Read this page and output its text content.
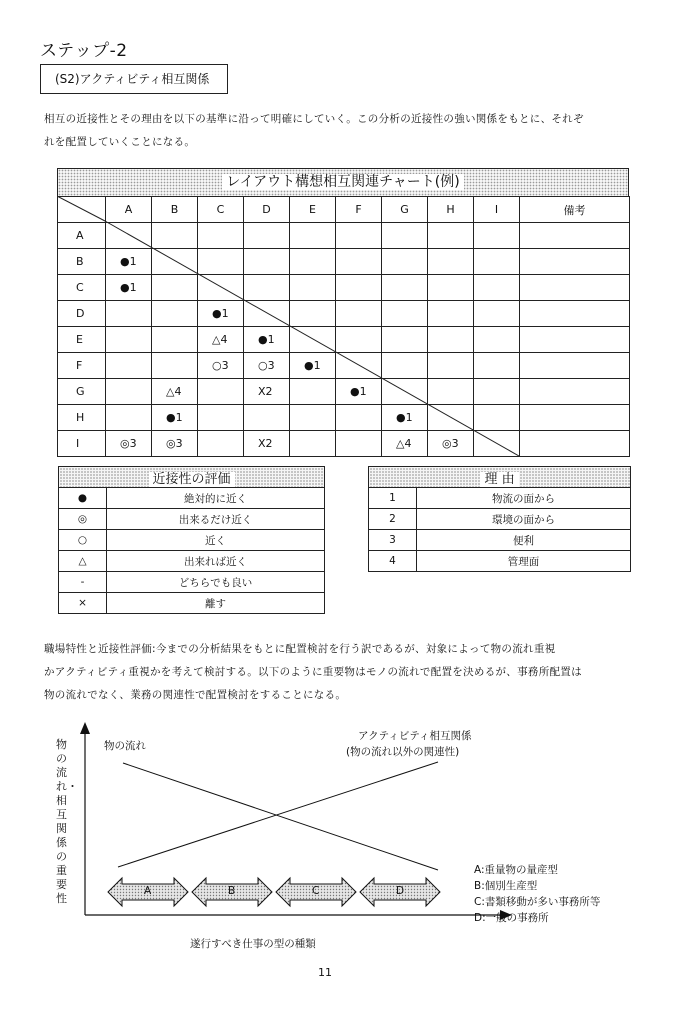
ステップ-2
(S2)アクティビティ相互関係
相互の近接性とその理由を以下の基準に沿って明確にしていく。この分析の近接性の強い関係をもとに、それぞ
れを配置していくことになる。
レイアウト構想相互関連チャート(例)
	A	B	C	D	E	F	G	H	I	備考
A										
B	●1									
C	●1									
D			●1							
E			△4	●1						
F			○3	○3	●1					
G		△4		X2		●1				
H		●1					●1			
I	◎3	◎3		X2			△4	◎3		
近接性の評価	
●	絶対的に近く
◎	出来るだけ近く
○	近く
△	出来れば近く
-	どちらでも良い
×	離す
理 由	
1	物流の面から
2	環境の面から
3	便利
4	管理面
職場特性と近接性評価:今までの分析結果をもとに配置検討を行う訳であるが、対象によって物の流れ重視
かアクティビティ重視かを考えて検討する。以下のように重要物はモノの流れで配置を決めるが、事務所配置は
物の流れでなく、業務の関連性で配置検討をすることになる。
物の流れ・相互関係の重要性
物の流れ
アクティビティ相互関係
(物の流れ以外の関連性)
A	B	C	D
A:重量物の量産型
B:個別生産型
C:書類移動が多い事務所等
D:一般の事務所
遂行すべき仕事の型の種類
11
